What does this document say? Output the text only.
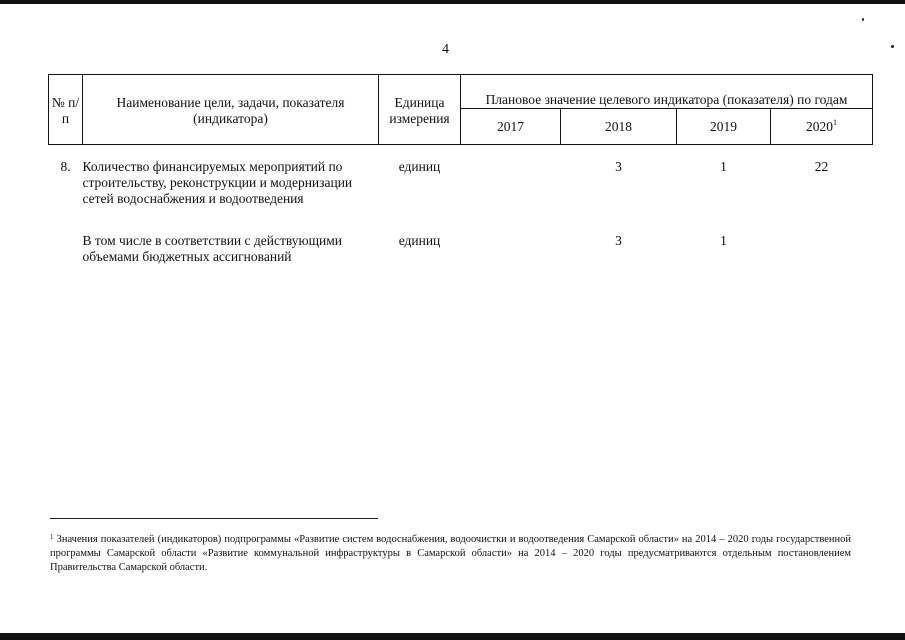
4
№ п/п	Наименование цели, задачи, показателя (индикатора)	Единица измерения	Плановое значение целевого индикатора (показателя) по годам			
			2017	2018	2019	2020$^1$
8.	Количество финансируемых мероприятий по строительству, реконструкции и модернизации сетей водоснабжения и водоотведения	единиц		3	1	22
	В том числе в соответствии с действующими объемами бюджетных ассигнований	единиц		3	1	
$^1$ Значения показателей (индикаторов) подпрограммы «Развитие систем водоснабжения, водоочистки и водоотведения Самарской области» на 2014 – 2020 годы государственной программы Самарской области «Развитие коммунальной инфраструктуры в Самарской области» на 2014 – 2020 годы предусматриваются отдельным постановлением Правительства Самарской области.
